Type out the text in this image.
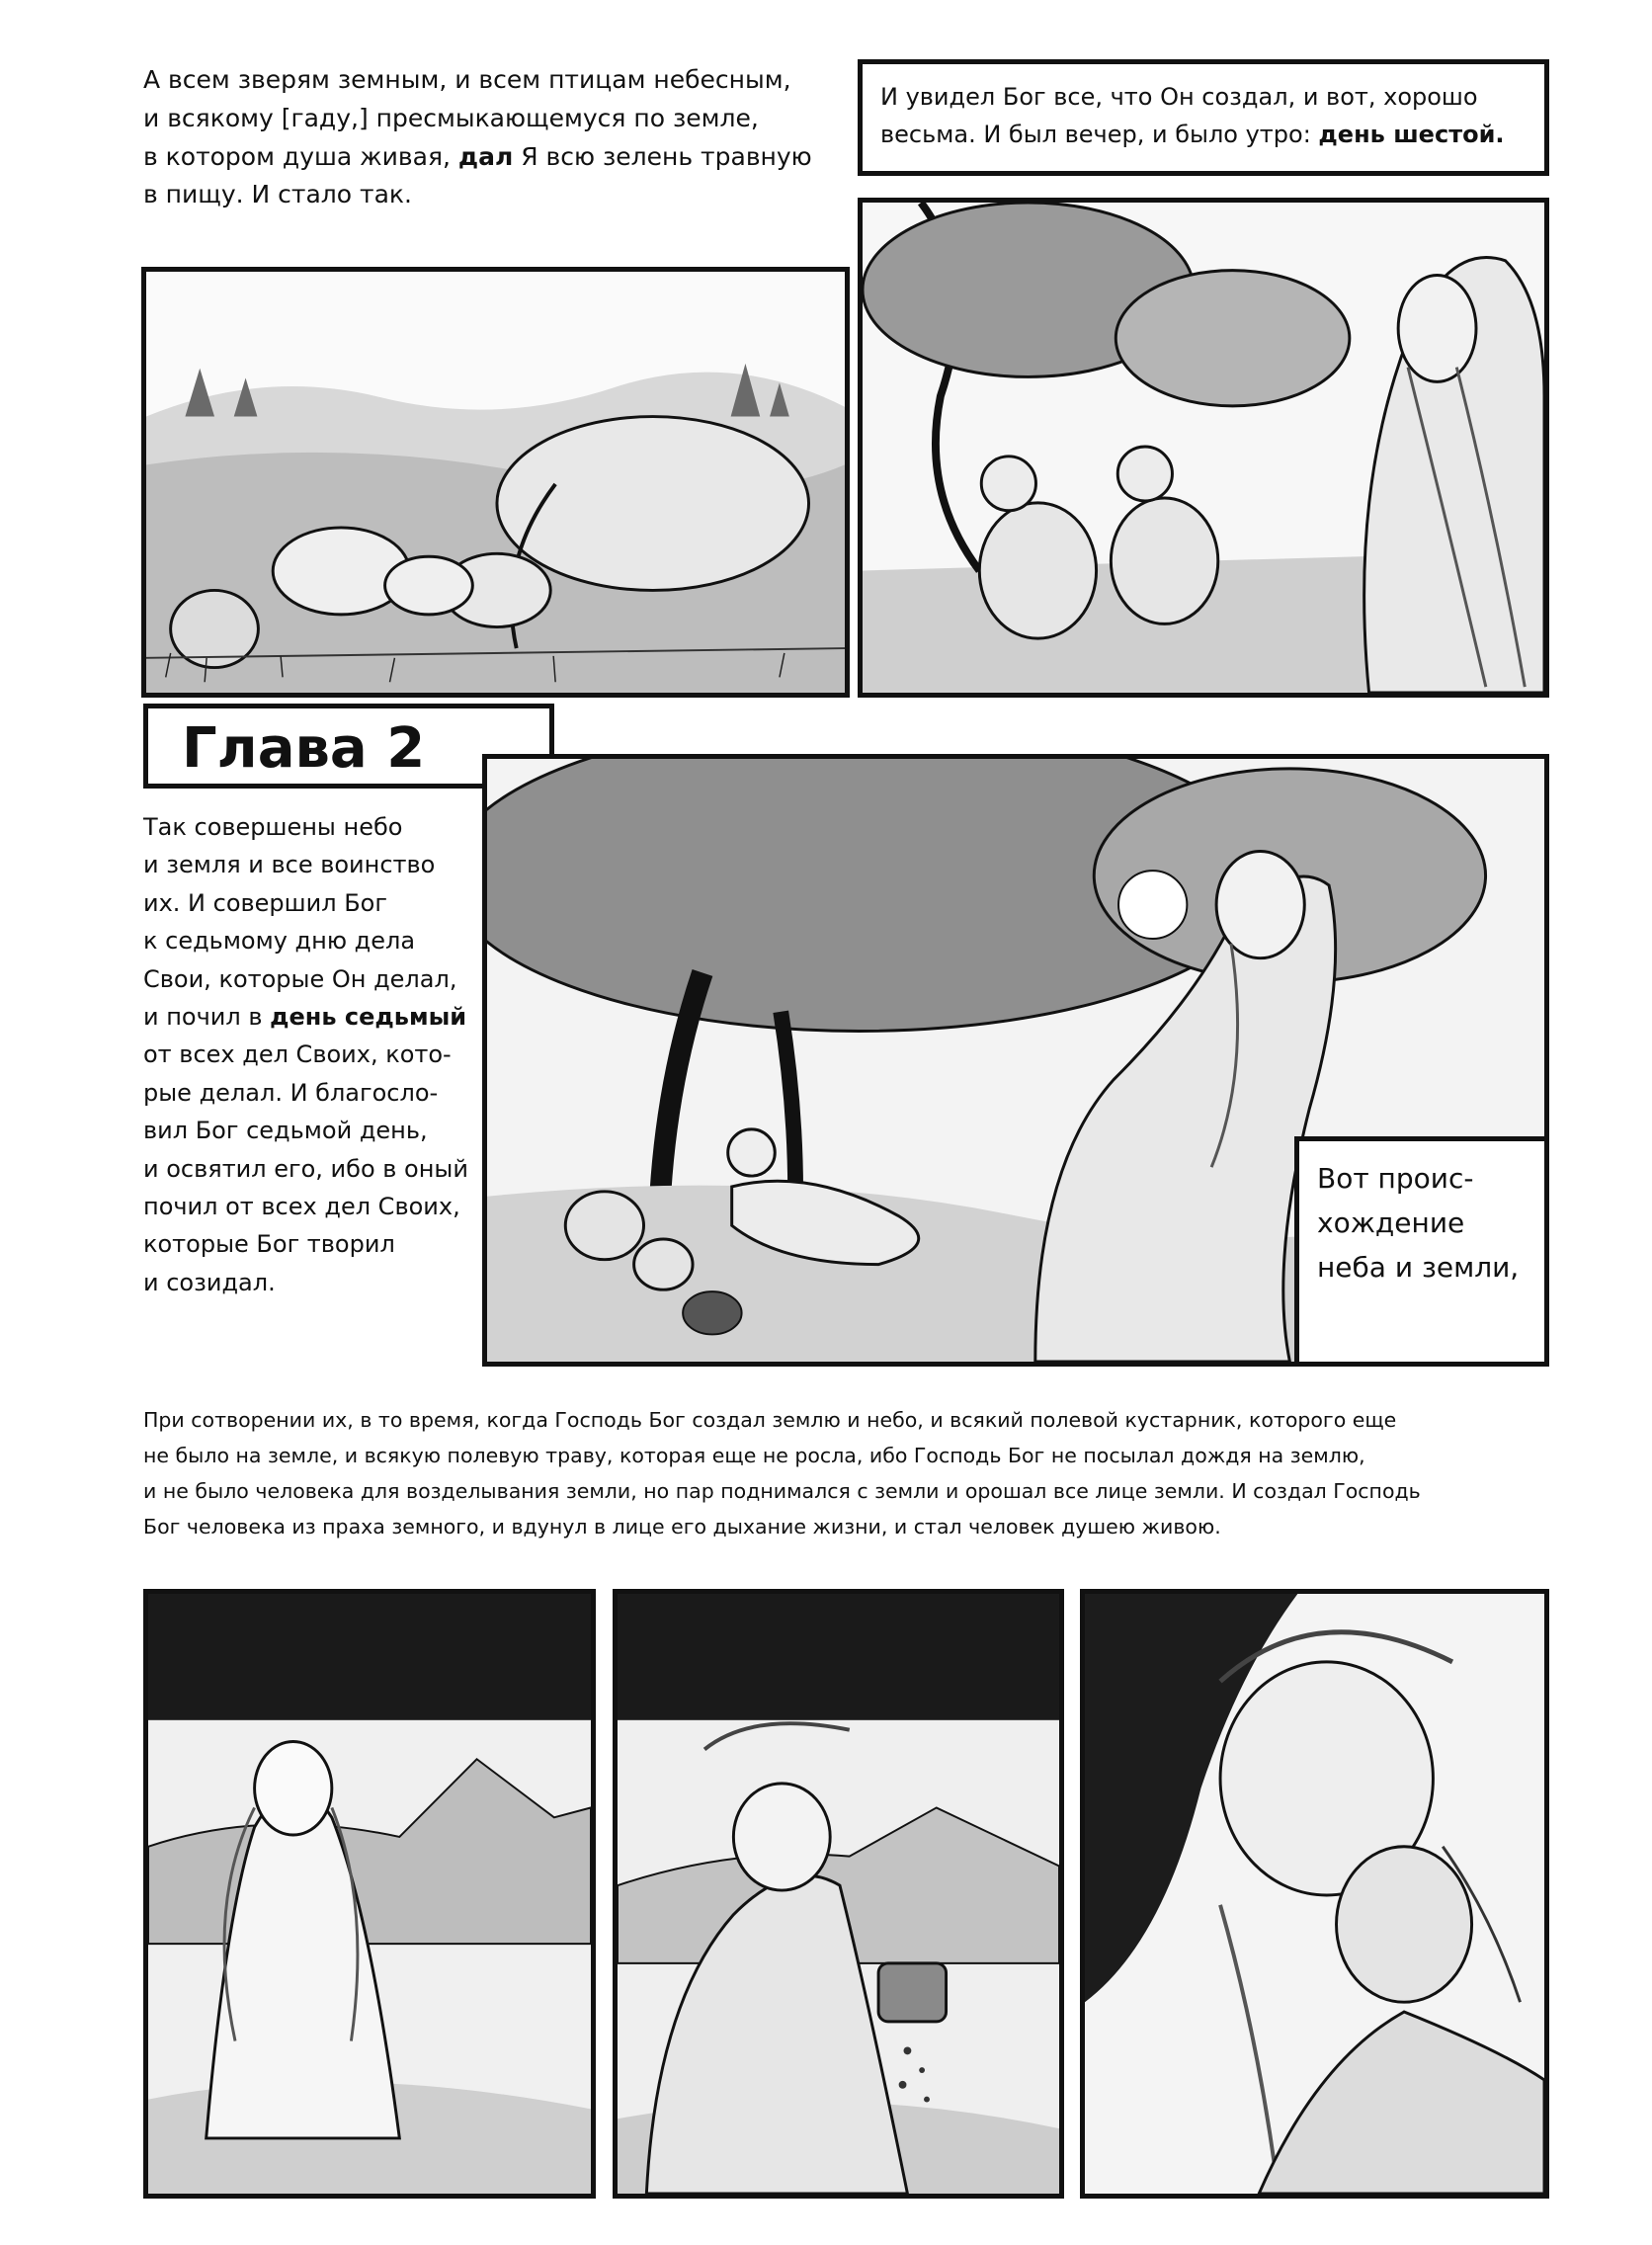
А всем зверям земным, и всем птицам небесным,
и всякому [гаду,] пресмыкающемуся по земле,
в котором душа живая, дал Я всю зелень травную
в пищу. И стало так.
И увидел Бог все, что Он создал, и вот, хорошо
весьма. И был вечер, и было утро: день шестой.
Глава 2
Так совершены небо
и земля и все воинство
их. И совершил Бог
к седьмому дню дела
Свои, которые Он делал,
и почил в день седьмый
от всех дел Своих, кото-
рые делал. И благосло-
вил Бог седьмой день,
и освятил его, ибо в оный
почил от всех дел Своих,
которые Бог творил
и созидал.
Вот проис-
хождение
неба и земли,
При сотворении их, в то время, когда Господь Бог создал землю и небо, и всякий полевой кустарник, которого еще
не было на земле, и всякую полевую траву, которая еще не росла, ибо Господь Бог не посылал дождя на землю,
и не было человека для возделывания земли, но пар поднимался с земли и орошал все лице земли. И создал Господь
Бог человека из праха земного, и вдунул в лице его дыхание жизни, и стал человек душею живою.
